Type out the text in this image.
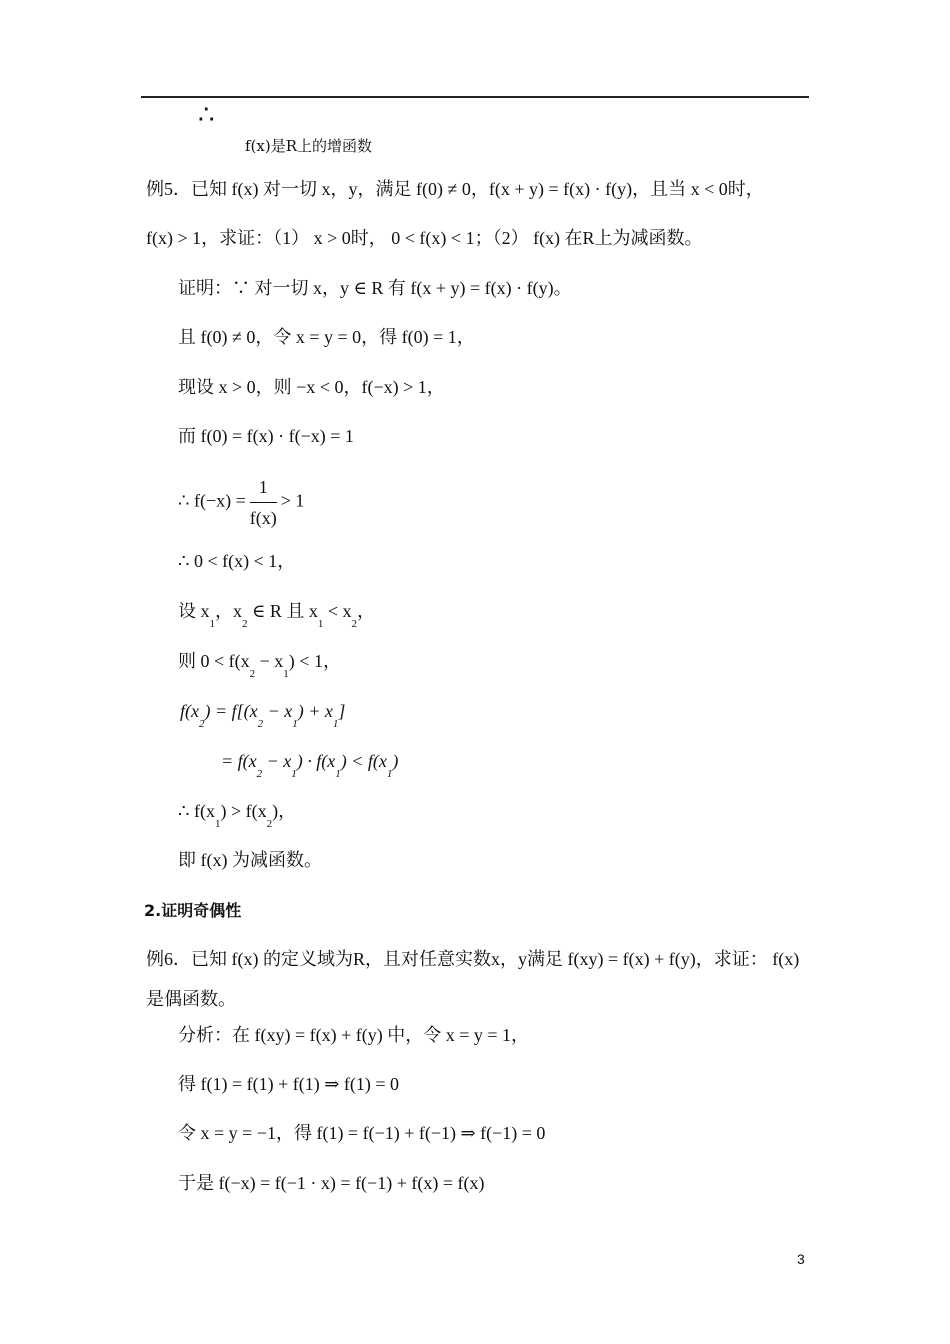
∴
f(x)是R上的增函数
例5．已知 f(x) 对一切 x，y，满足 f(0) ≠ 0，f(x + y) = f(x) · f(y)，且当 x < 0时，
f(x) > 1，求证：（1） x > 0时， 0 < f(x) < 1；（2） f(x) 在R上为减函数。
证明：∵ 对一切 x，y ∈ R 有 f(x + y) = f(x) · f(y)。
且 f(0) ≠ 0，令 x = y = 0，得 f(0) = 1，
现设 x > 0，则 −x < 0，f(−x) > 1，
而 f(0) = f(x) · f(−x) = 1
∴ $f(-x) = \frac{1}{f(x)} > 1$
∴ 0 < f(x) < 1，
设 $x_1$，$x_2$ ∈ R 且 $x_1 < x_2$，
则 $0 < f(x_2 - x_1) < 1$，
$f(x_2) = f[(x_2 - x_1) + x_1]$
= $f(x_2 - x_1) \cdot f(x_1) < f(x_1)$
∴ $f(x_1) > f(x_2)$，
即 f(x) 为减函数。
2.证明奇偶性
例6．已知 f(x) 的定义域为R，且对任意实数x，y满足 f(xy) = f(x) + f(y)，求证： f(x)
是偶函数。
分析：在 f(xy) = f(x) + f(y) 中，令 x = y = 1，
得 f(1) = f(1) + f(1) ⇒ f(1) = 0
令 x = y = −1，得 f(1) = f(−1) + f(−1) ⇒ f(−1) = 0
于是 f(−x) = f(−1 · x) = f(−1) + f(x) = f(x)
3
